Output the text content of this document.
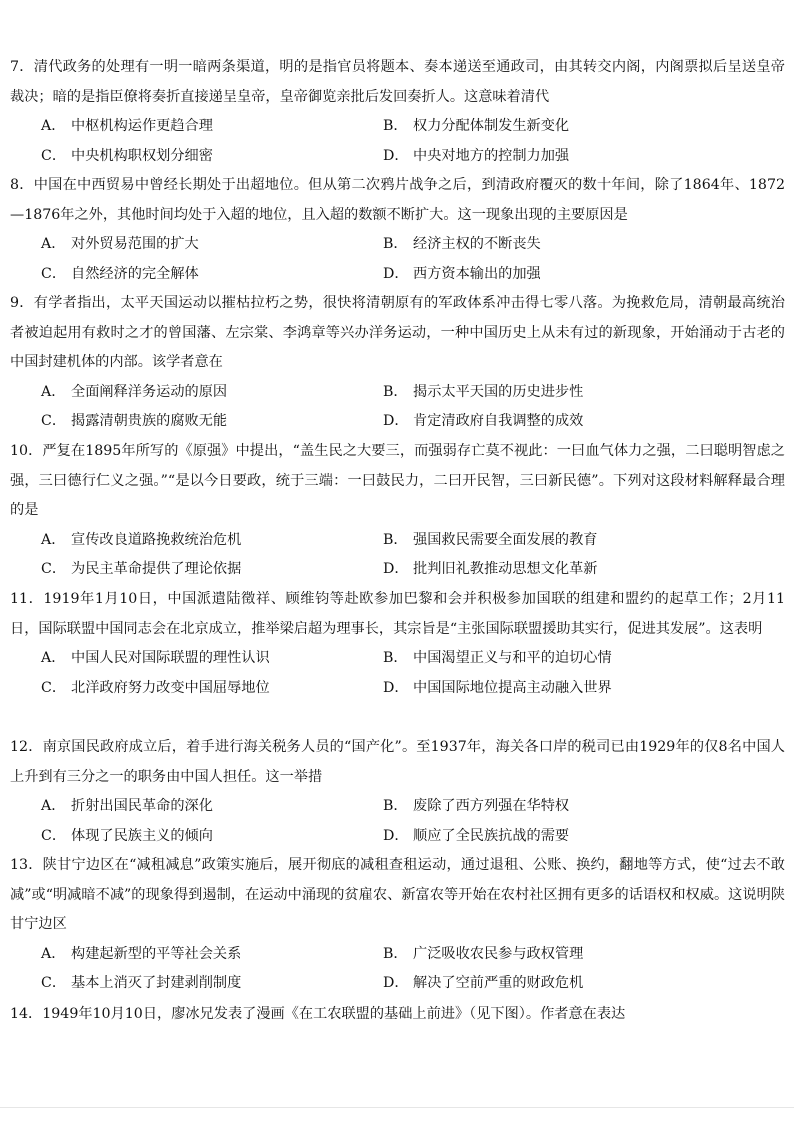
7．清代政务的处理有一明一暗两条渠道，明的是指官员将题本、奏本递送至通政司，由其转交内阁，内阁票拟后呈送皇帝裁决；暗的是指臣僚将奏折直接递呈皇帝，皇帝御览亲批后发回奏折人。这意味着清代

A． 中枢机构运作更趋合理	B． 权力分配体制发生新变化
C． 中央机构职权划分细密	D． 中央对地方的控制力加强

8．中国在中西贸易中曾经长期处于出超地位。但从第二次鸦片战争之后，到清政府覆灭的数十年间，除了1864年、1872—1876年之外，其他时间均处于入超的地位，且入超的数额不断扩大。这一现象出现的主要原因是

A． 对外贸易范围的扩大	B． 经济主权的不断丧失
C． 自然经济的完全解体	D． 西方资本输出的加强

9．有学者指出，太平天国运动以摧枯拉朽之势，很快将清朝原有的军政体系冲击得七零八落。为挽救危局，清朝最高统治者被迫起用有救时之才的曾国藩、左宗棠、李鸿章等兴办洋务运动，一种中国历史上从未有过的新现象，开始涌动于古老的中国封建机体的内部。该学者意在

A． 全面阐释洋务运动的原因	B． 揭示太平天国的历史进步性
C． 揭露清朝贵族的腐败无能	D． 肯定清政府自我调整的成效

10．严复在1895年所写的《原强》中提出，“盖生民之大要三，而强弱存亡莫不视此：一曰血气体力之强，二曰聪明智虑之强，三曰德行仁义之强。”“是以今日要政，统于三端：一曰鼓民力，二曰开民智，三曰新民德”。下列对这段材料解释最合理的是

A． 宣传改良道路挽救统治危机	B． 强国救民需要全面发展的教育
C． 为民主革命提供了理论依据	D． 批判旧礼教推动思想文化革新

11．1919年1月10日，中国派遣陆徵祥、顾维钧等赴欧参加巴黎和会并积极参加国联的组建和盟约的起草工作；2月11日，国际联盟中国同志会在北京成立，推举梁启超为理事长，其宗旨是“主张国际联盟援助其实行，促进其发展”。这表明

A． 中国人民对国际联盟的理性认识	B． 中国渴望正义与和平的迫切心情
C． 北洋政府努力改变中国屈辱地位	D． 中国国际地位提高主动融入世界

12．南京国民政府成立后，着手进行海关税务人员的“国产化”。至1937年，海关各口岸的税司已由1929年的仅8名中国人上升到有三分之一的职务由中国人担任。这一举措

A． 折射出国民革命的深化	B． 废除了西方列强在华特权
C． 体现了民族主义的倾向	D． 顺应了全民族抗战的需要

13．陕甘宁边区在“减租减息”政策实施后，展开彻底的减租查租运动，通过退租、公账、换约，翻地等方式，使“过去不敢减”或“明减暗不减”的现象得到遏制，在运动中涌现的贫雇农、新富农等开始在农村社区拥有更多的话语权和权威。这说明陕甘宁边区

A． 构建起新型的平等社会关系	B． 广泛吸收农民参与政权管理
C． 基本上消灭了封建剥削制度	D． 解决了空前严重的财政危机

14．1949年10月10日，廖冰兄发表了漫画《在工农联盟的基础上前进》（见下图）。作者意在表达
